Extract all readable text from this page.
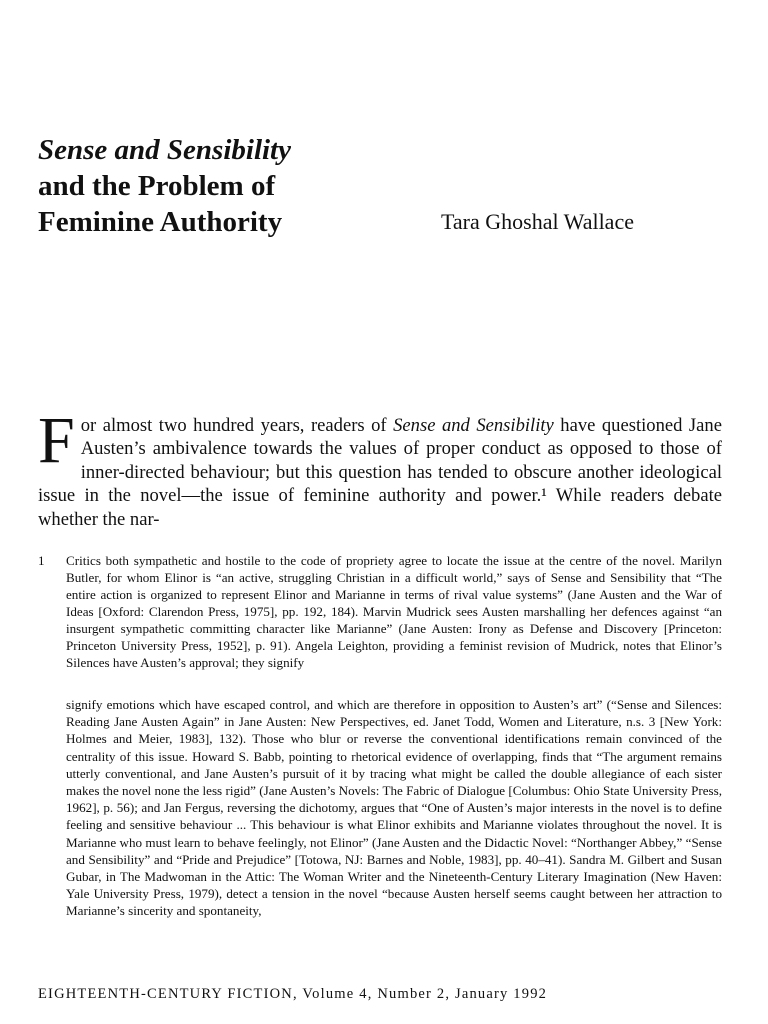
Sense and Sensibility
and the Problem of
Feminine Authority	Tara Ghoshal Wallace
For almost two hundred years, readers of Sense and Sensibility have questioned Jane Austen’s ambivalence towards the values of proper conduct as opposed to those of inner-directed behaviour; but this question has tended to obscure another ideological issue in the novel—the issue of feminine authority and power.¹ While readers debate whether the nar-
1	Critics both sympathetic and hostile to the code of propriety agree to locate the issue at the centre of the novel. Marilyn Butler, for whom Elinor is “an active, struggling Christian in a difficult world,” says of Sense and Sensibility that “The entire action is organized to represent Elinor and Marianne in terms of rival value systems” (Jane Austen and the War of Ideas [Oxford: Clarendon Press, 1975], pp. 192, 184). Marvin Mudrick sees Austen marshalling her defences against “an insurgent sympathetic committing character like Marianne” (Jane Austen: Irony as Defense and Discovery [Princeton: Princeton University Press, 1952], p. 91). Angela Leighton, providing a feminist revision of Mudrick, notes that Elinor’s Silences have Austen’s approval; they signify
signify emotions which have escaped control, and which are therefore in opposition to Austen’s art” (“Sense and Silences: Reading Jane Austen Again” in Jane Austen: New Perspectives, ed. Janet Todd, Women and Literature, n.s. 3 [New York: Holmes and Meier, 1983], 132). Those who blur or reverse the conventional identifications remain convinced of the centrality of this issue. Howard S. Babb, pointing to rhetorical evidence of overlapping, finds that “The argument remains utterly conventional, and Jane Austen’s pursuit of it by tracing what might be called the double allegiance of each sister makes the novel none the less rigid” (Jane Austen’s Novels: The Fabric of Dialogue [Columbus: Ohio State University Press, 1962], p. 56); and Jan Fergus, reversing the dichotomy, argues that “One of Austen’s major interests in the novel is to define feeling and sensitive behaviour ... This behaviour is what Elinor exhibits and Marianne violates throughout the novel. It is Marianne who must learn to behave feelingly, not Elinor” (Jane Austen and the Didactic Novel: “Northanger Abbey,” “Sense and Sensibility” and “Pride and Prejudice” [Totowa, NJ: Barnes and Noble, 1983], pp. 40–41). Sandra M. Gilbert and Susan Gubar, in The Madwoman in the Attic: The Woman Writer and the Nineteenth-Century Literary Imagination (New Haven: Yale University Press, 1979), detect a tension in the novel “because Austen herself seems caught between her attraction to Marianne’s sincerity and spontaneity,
EIGHTEENTH-CENTURY FICTION, Volume 4, Number 2, January 1992
